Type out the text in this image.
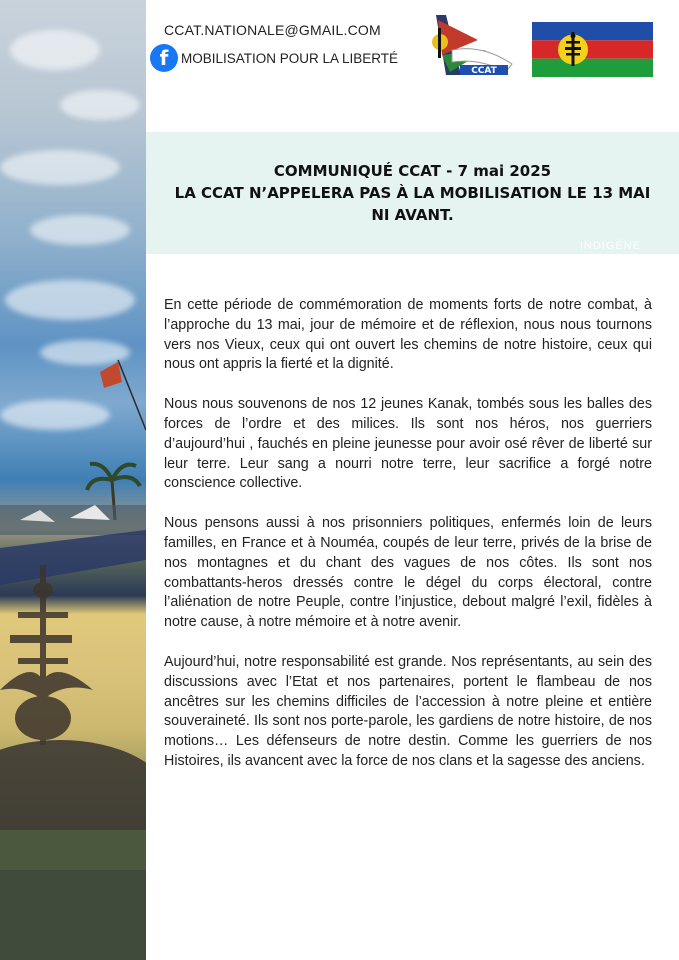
CCAT.NATIONALE@GMAIL.COM
f MOBILISATION POUR LA LIBERTÉ
CCAT
COMMUNIQUÉ CCAT - 7 mai 2025
LA CCAT N’APPELERA PAS À LA MOBILISATION LE 13 MAI
NI AVANT.
INDIGÈNE

En cette période de commémoration de moments forts de notre combat, à l’approche du 13 mai, jour de mémoire et de réflexion, nous nous tournons vers nos Vieux, ceux qui ont ouvert les chemins de notre histoire, ceux qui nous ont appris la fierté et la dignité.

Nous nous souvenons de nos 12 jeunes Kanak, tombés sous les balles des forces de l’ordre et des milices. Ils sont nos héros, nos guerriers d’aujourd’hui , fauchés en pleine jeunesse pour avoir osé rêver de liberté sur leur terre. Leur sang a nourri notre terre, leur sacrifice a forgé notre conscience collective.

Nous pensons aussi à nos prisonniers politiques, enfermés loin de leurs familles, en France et à Nouméa, coupés de leur terre, privés de la brise de nos montagnes et du chant des vagues de nos côtes. Ils sont nos combattants-heros dressés contre le dégel du corps électoral, contre l’aliénation de notre Peuple, contre l’injustice, debout malgré l’exil, fidèles à notre cause, à notre mémoire et à notre avenir.

Aujourd’hui, notre responsabilité est grande. Nos représentants, au sein des discussions avec l’Etat et nos partenaires, portent le flambeau de nos ancêtres sur les chemins difficiles de l’accession à notre pleine et entière souveraineté. Ils sont nos porte-parole, les gardiens de notre histoire, de nos motions… Les défenseurs de notre destin. Comme les guerriers de nos Histoires, ils avancent avec la force de nos clans et la sagesse des anciens.
